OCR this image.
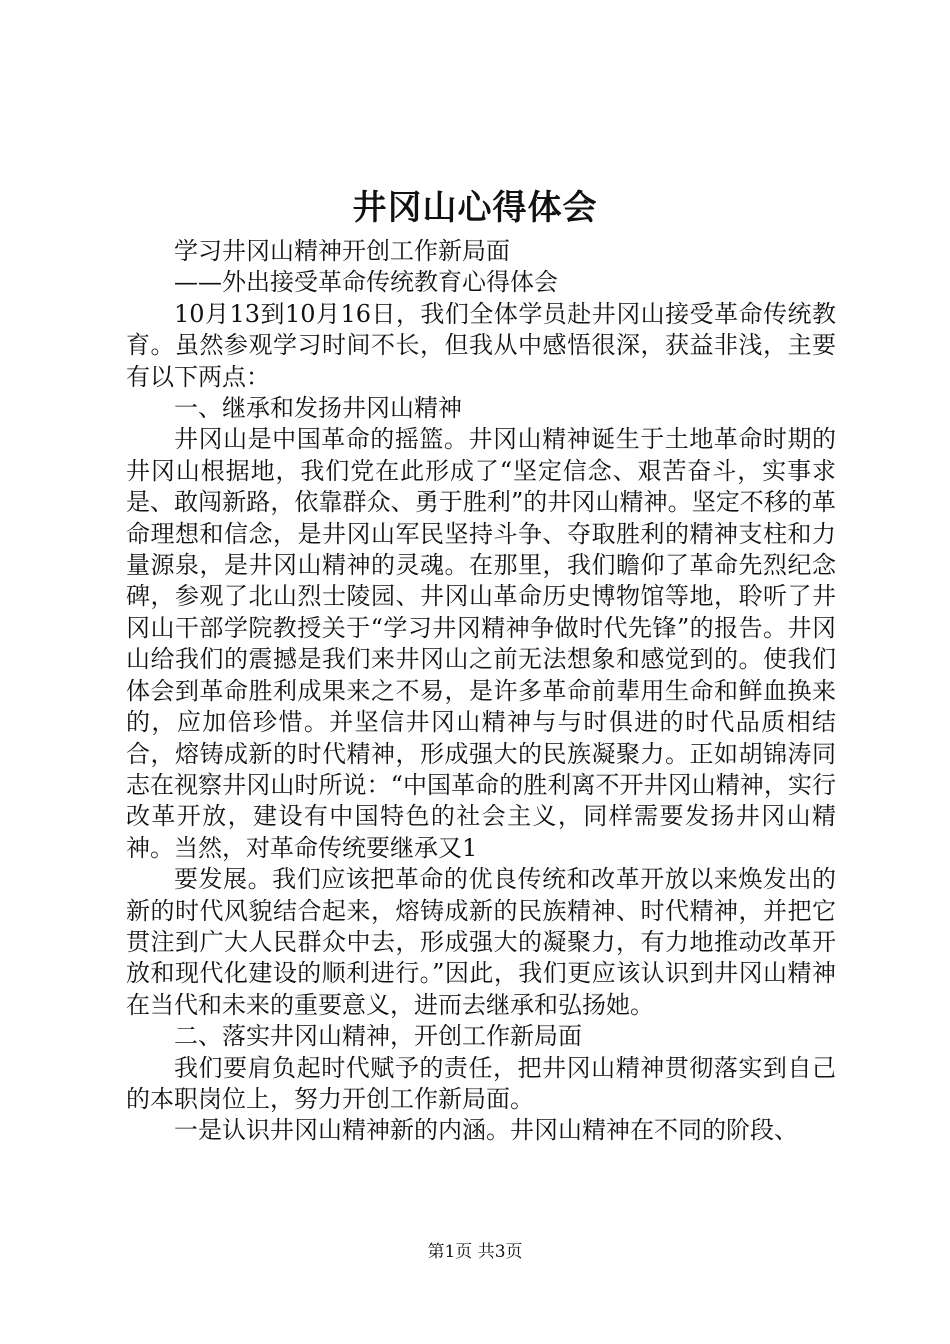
井冈山心得体会

学习井冈山精神开创工作新局面

——外出接受革命传统教育心得体会

10月13到10月16日，我们全体学员赴井冈山接受革命传统教育。虽然参观学习时间不长，但我从中感悟很深，获益非浅，主要有以下两点：

一、继承和发扬井冈山精神

井冈山是中国革命的摇篮。井冈山精神诞生于土地革命时期的井冈山根据地，我们党在此形成了“坚定信念、艰苦奋斗，实事求是、敢闯新路，依靠群众、勇于胜利”的井冈山精神。坚定不移的革命理想和信念，是井冈山军民坚持斗争、夺取胜利的精神支柱和力量源泉，是井冈山精神的灵魂。在那里，我们瞻仰了革命先烈纪念碑，参观了北山烈士陵园、井冈山革命历史博物馆等地，聆听了井冈山干部学院教授关于“学习井冈精神争做时代先锋”的报告。井冈山给我们的震撼是我们来井冈山之前无法想象和感觉到的。使我们体会到革命胜利成果来之不易，是许多革命前辈用生命和鲜血换来的，应加倍珍惜。并坚信井冈山精神与与时俱进的时代品质相结合，熔铸成新的时代精神，形成强大的民族凝聚力。正如胡锦涛同志在视察井冈山时所说：“中国革命的胜利离不开井冈山精神，实行改革开放，建设有中国特色的社会主义，同样需要发扬井冈山精神。当然，对革命传统要继承又1

要发展。我们应该把革命的优良传统和改革开放以来焕发出的新的时代风貌结合起来，熔铸成新的民族精神、时代精神，并把它贯注到广大人民群众中去，形成强大的凝聚力，有力地推动改革开放和现代化建设的顺利进行。”因此，我们更应该认识到井冈山精神在当代和未来的重要意义，进而去继承和弘扬她。

二、落实井冈山精神，开创工作新局面

我们要肩负起时代赋予的责任，把井冈山精神贯彻落实到自己的本职岗位上，努力开创工作新局面。

一是认识井冈山精神新的内涵。井冈山精神在不同的阶段、

第1页 共3页
